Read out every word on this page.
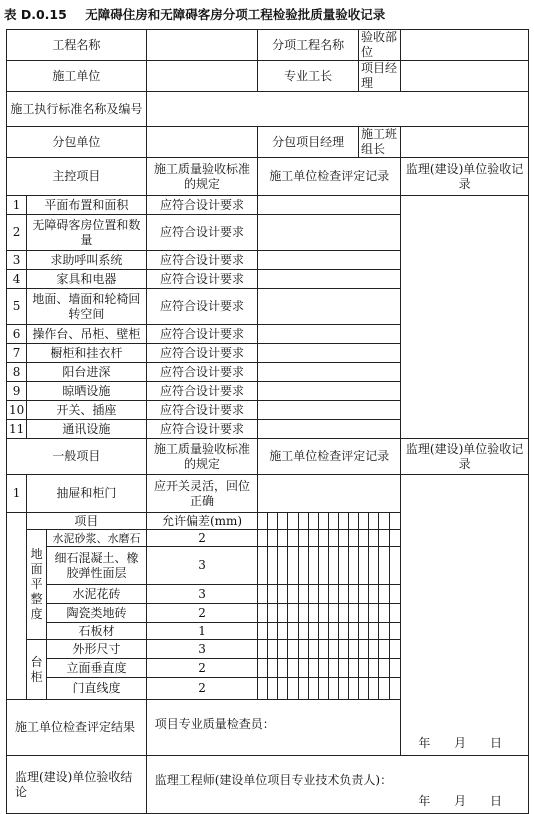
表 D.0.15 无障碍住房和无障碍客房分项工程检验批质量验收记录
工程名称				分项工程名称										验收部位				
施工单位				专业工长										项目经理				
施工执行标准名称及编号																		
分包单位				分包项目经理										施工班组长				
主控项目			施工质量验收标准的规定	施工单位检查评定记录														监理(建设)单位验收记录
1	平面布置和面积		应符合设计要求															
2	无障碍客房位置和数量		应符合设计要求															
3	求助呼叫系统		应符合设计要求															
4	家具和电器		应符合设计要求															
5	地面、墙面和轮椅回转空间		应符合设计要求															
6	操作台、吊柜、壁柜		应符合设计要求															
7	橱柜和挂衣杆		应符合设计要求															
8	阳台进深		应符合设计要求															
9	晾晒设施		应符合设计要求															
10	开关、插座		应符合设计要求															
11	通讯设施		应符合设计要求															
一般项目			施工质量验收标准的规定	施工单位检查评定记录														监理(建设)单位验收记录
1	抽屉和柜门		应开关灵活，回位正确															
	项目		允许偏差(mm)															
	地面平整度	水泥砂浆、水磨石	2															
		细石混凝土、橡胶弹性面层	3															
		水泥花砖	3															
		陶瓷类地砖	2															
		石板材	1															
	台柜	外形尺寸	3															
		立面垂直度	2															
		门直线度	2															
施工单位检查评定结果			项目专业质量检查员：
年 月 日															

监理(建设)单位验收结论			监理工程师(建设单位项目专业技术负责人)：
年 月 日															
